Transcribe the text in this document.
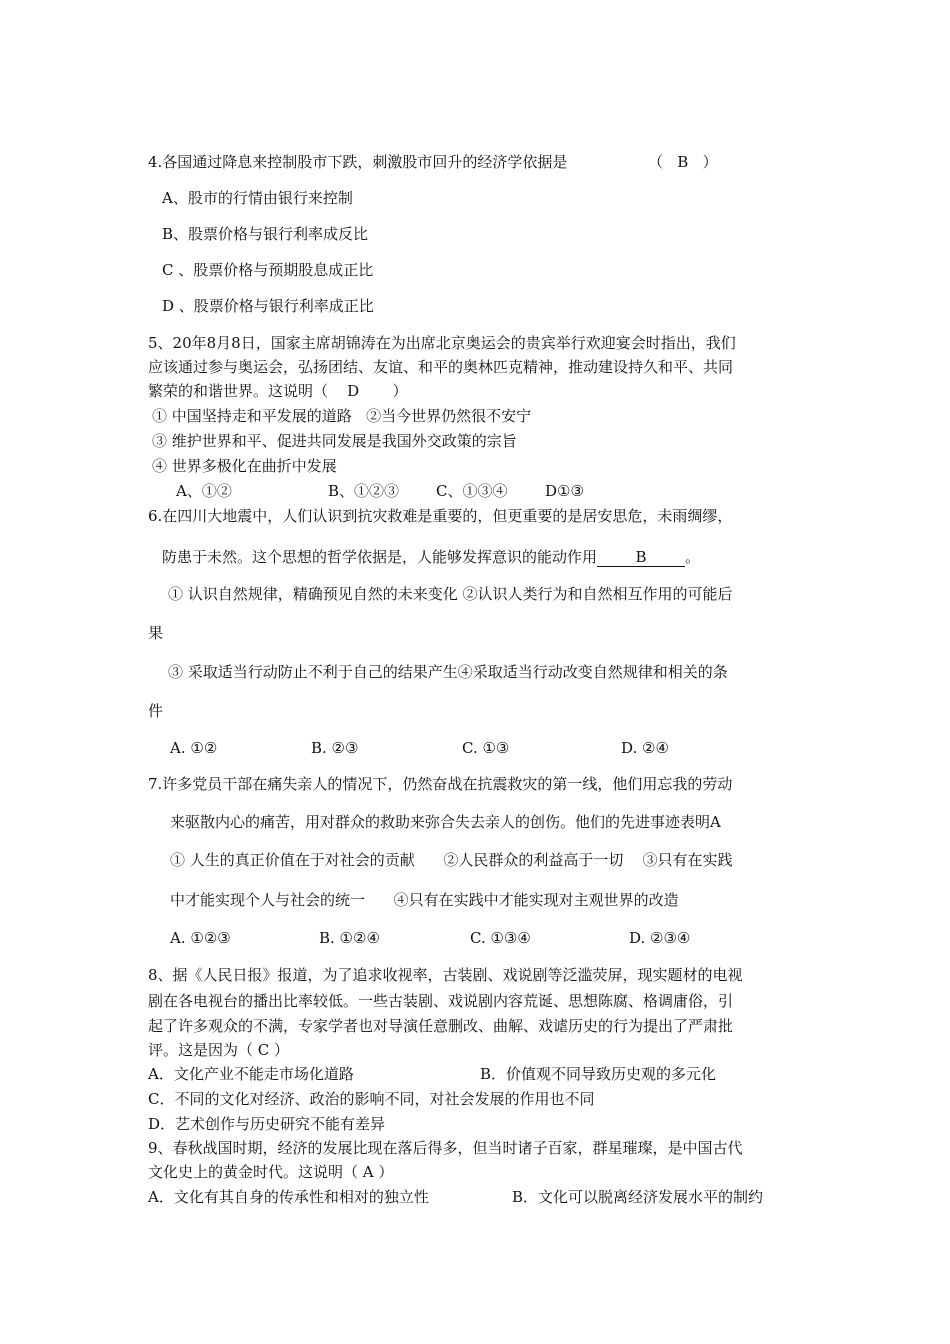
4.各国通过降息来控制股市下跌，刺激股市回升的经济学依据是	（   B   ）
A、股市的行情由银行来控制
B、股票价格与银行利率成反比
C 、股票价格与预期股息成正比
D 、股票价格与银行利率成正比
5、20年8月8日，国家主席胡锦涛在为出席北京奥运会的贵宾举行欢迎宴会时指出，我们
应该通过参与奥运会，弘扬团结、友谊、和平的奥林匹克精神，推动建设持久和平、共同
繁荣的和谐世界。这说明（    D       ）
① 中国坚持走和平发展的道路   ②当今世界仍然很不安宁
③ 维护世界和平、促进共同发展是我国外交政策的宗旨
④ 世界多极化在曲折中发展
A、①②	B、①②③ C、①③④	D①③
6.在四川大地震中，人们认识到抗灾救难是重要的，但更重要的是居安思危，未雨绸缪，
防患于未然。这个思想的哲学依据是，人能够发挥意识的能动作用	B	。
① 认识自然规律，精确预见自然的未来变化 ②认识人类行为和自然相互作用的可能后
果
③ 采取适当行动防止不利于自己的结果产生④采取适当行动改变自然规律和相关的条
件
A. ①②	B. ②③	C. ①③	D. ②④
7.许多党员干部在痛失亲人的情况下，仍然奋战在抗震救灾的第一线，他们用忘我的劳动
来驱散内心的痛苦，用对群众的救助来弥合失去亲人的创伤。他们的先进事迹表明A
① 人生的真正价值在于对社会的贡献      ②人民群众的利益高于一切    ③只有在实践
中才能实现个人与社会的统一      ④只有在实践中才能实现对主观世界的改造
A. ①②③	B. ①②④	C. ①③④	D. ②③④
8、据《人民日报》报道，为了追求收视率，古装剧、戏说剧等泛滥荧屏，现实题材的电视
剧在各电视台的播出比率较低。一些古装剧、戏说剧内容荒诞、思想陈腐、格调庸俗，引
起了许多观众的不满，专家学者也对导演任意删改、曲解、戏谑历史的行为提出了严肃批
评。这是因为（ C ）
A．文化产业不能走市场化道路	B．价值观不同导致历史观的多元化
C．不同的文化对经济、政治的影响不同，对社会发展的作用也不同
D．艺术创作与历史研究不能有差异
9、春秋战国时期，经济的发展比现在落后得多，但当时诸子百家，群星璀璨，是中国古代
文化史上的黄金时代。这说明（ A ）
A．文化有其自身的传承性和相对的独立性	B．文化可以脱离经济发展水平的制约
